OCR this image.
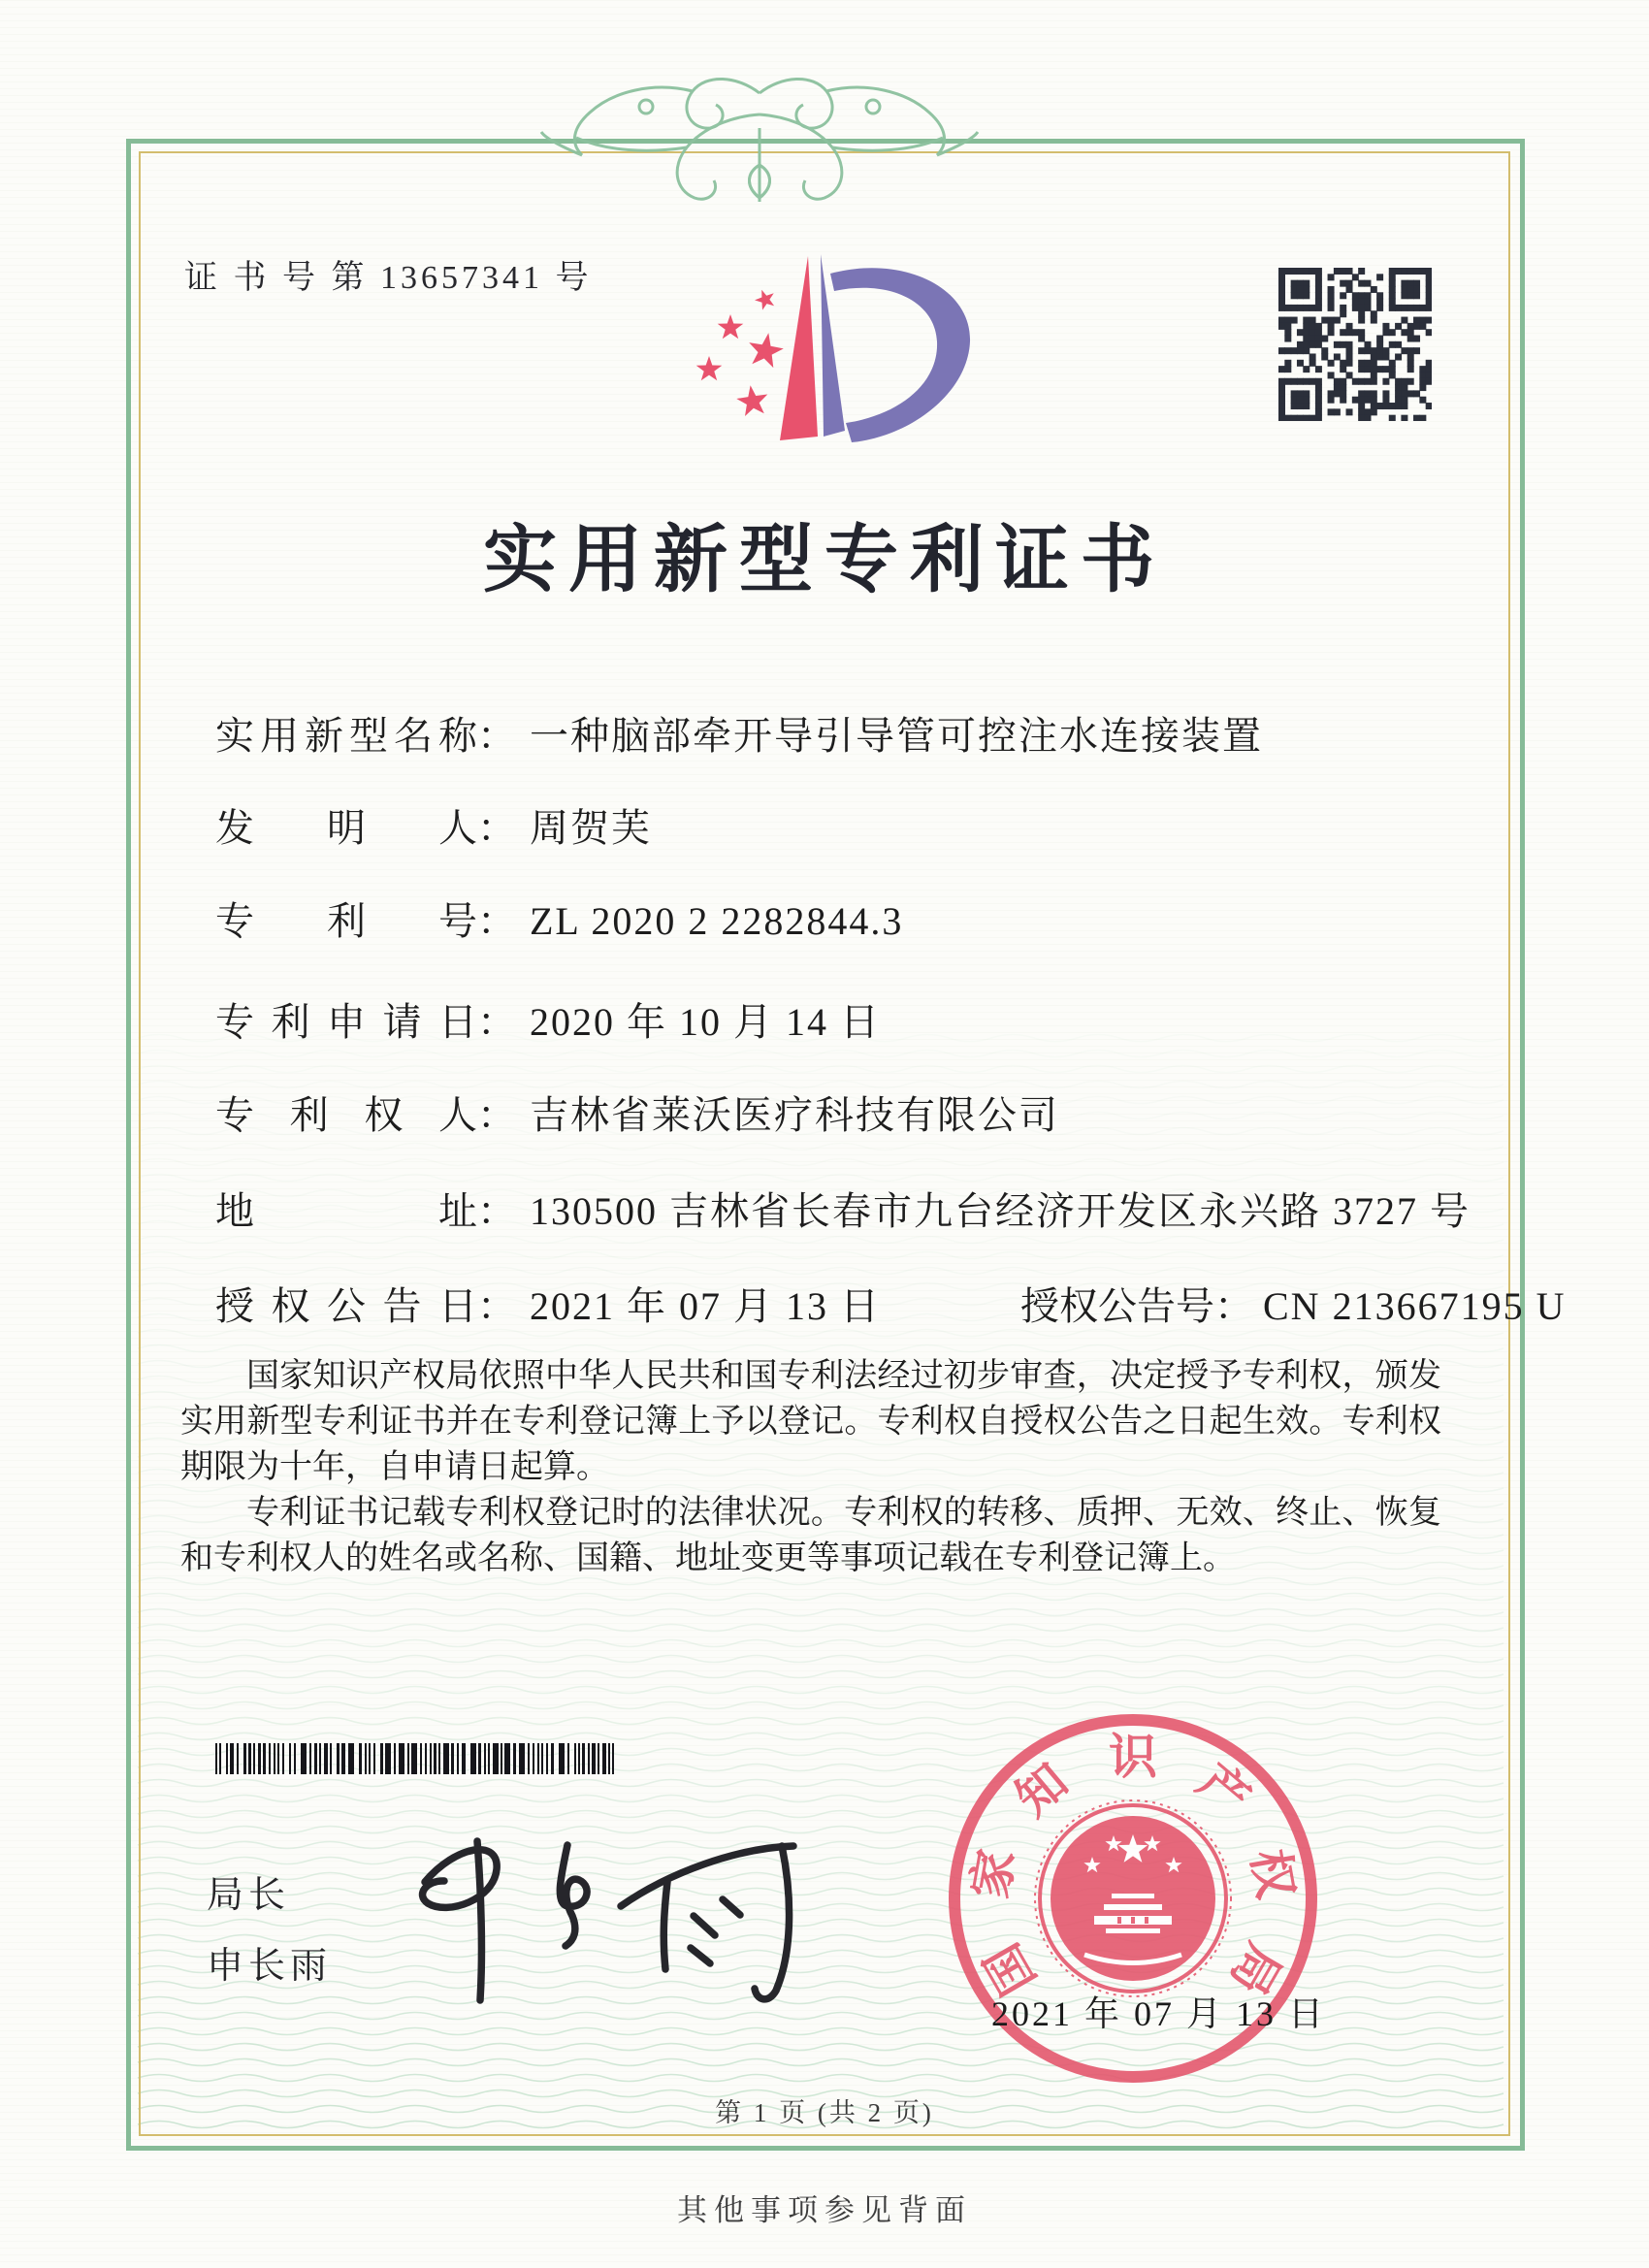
证 书 号 第 13657341 号
实用新型专利证书
实用新型名称： 一种脑部牵开导引导管可控注水连接装置
发 明 人： 周贺芙
专 利 号： ZL 2020 2 2282844.3
专利申请日： 2020 年 10 月 14 日
专 利 权 人： 吉林省莱沃医疗科技有限公司
地 址： 130500 吉林省长春市九台经济开发区永兴路 3727 号
授权公告日： 2021 年 07 月 13 日	授权公告号： CN 213667195 U

国家知识产权局依照中华人民共和国专利法经过初步审查，决定授予专利权，颁发实用新型专利证书并在专利登记簿上予以登记。专利权自授权公告之日起生效。专利权期限为十年，自申请日起算。

专利证书记载专利权登记时的法律状况。专利权的转移、质押、无效、终止、恢复和专利权人的姓名或名称、国籍、地址变更等事项记载在专利登记簿上。

局长
申长雨	国
家
知 识 产
权
局
2021 年 07 月 13 日
第 1 页 (共 2 页)
其他事项参见背面
